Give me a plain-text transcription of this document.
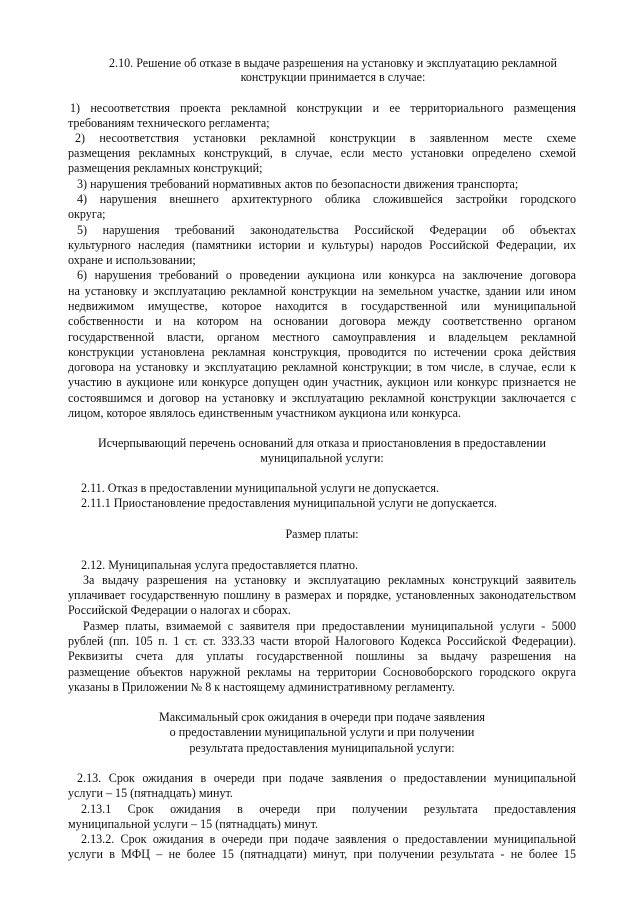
2.10. Решение об отказе в выдаче разрешения на установку и эксплуатацию рекламной
конструкции принимается в случае:
1) несоответствия проекта рекламной конструкции и ее территориального размещения
требованиям технического регламента;
2) несоответствия установки рекламной конструкции в заявленном месте схеме
размещения рекламных конструкций, в случае, если место установки определено схемой
размещения рекламных конструкций;
3) нарушения требований нормативных актов по безопасности движения транспорта;
4) нарушения внешнего архитектурного облика сложившейся застройки городского
округа;
5) нарушения требований законодательства Российской Федерации об объектах
культурного наследия (памятники истории и культуры) народов Российской Федерации, их
охране и использовании;
6) нарушения требований о проведении аукциона или конкурса на заключение договора
на установку и эксплуатацию рекламной конструкции на земельном участке, здании или ином
недвижимом имуществе, которое находится в государственной или муниципальной
собственности и на котором на основании договора между соответственно органом
государственной власти, органом местного самоуправления и владельцем рекламной
конструкции установлена рекламная конструкция, проводится по истечении срока действия
договора на установку и эксплуатацию рекламной конструкции; в том числе, в случае, если к
участию в аукционе или конкурсе допущен один участник, аукцион или конкурс признается не
состоявшимся и договор на установку и эксплуатацию рекламной конструкции заключается с
лицом, которое являлось единственным участником аукциона или конкурса.
Исчерпывающий перечень оснований для отказа и приостановления в предоставлении
муниципальной услуги:
2.11. Отказ в предоставлении муниципальной услуги не допускается.
2.11.1 Приостановление предоставления муниципальной услуги не допускается.
Размер платы:
2.12. Муниципальная услуга предоставляется платно.
За выдачу разрешения на установку и эксплуатацию рекламных конструкций заявитель
уплачивает государственную пошлину в размерах и порядке, установленных законодательством
Российской Федерации о налогах и сборах.
Размер платы, взимаемой с заявителя при предоставлении муниципальной услуги - 5000
рублей (пп. 105 п. 1 ст. ст. 333.33 части второй Налогового Кодекса Российской Федерации).
Реквизиты счета для уплаты государственной пошлины за выдачу разрешения на
размещение объектов наружной рекламы на территории Сосновоборского городского округа
указаны в Приложении № 8 к настоящему административному регламенту.
Максимальный срок ожидания в очереди при подаче заявления
о предоставлении муниципальной услуги и при получении
результата предоставления муниципальной услуги:
2.13. Срок ожидания в очереди при подаче заявления о предоставлении муниципальной
услуги – 15 (пятнадцать) минут.
2.13.1 Срок ожидания в очереди при получении результата предоставления
муниципальной услуги – 15 (пятнадцать) минут.
2.13.2. Срок ожидания в очереди при подаче заявления о предоставлении муниципальной
услуги в МФЦ – не более 15 (пятнадцати) минут, при получении результата - не более 15
